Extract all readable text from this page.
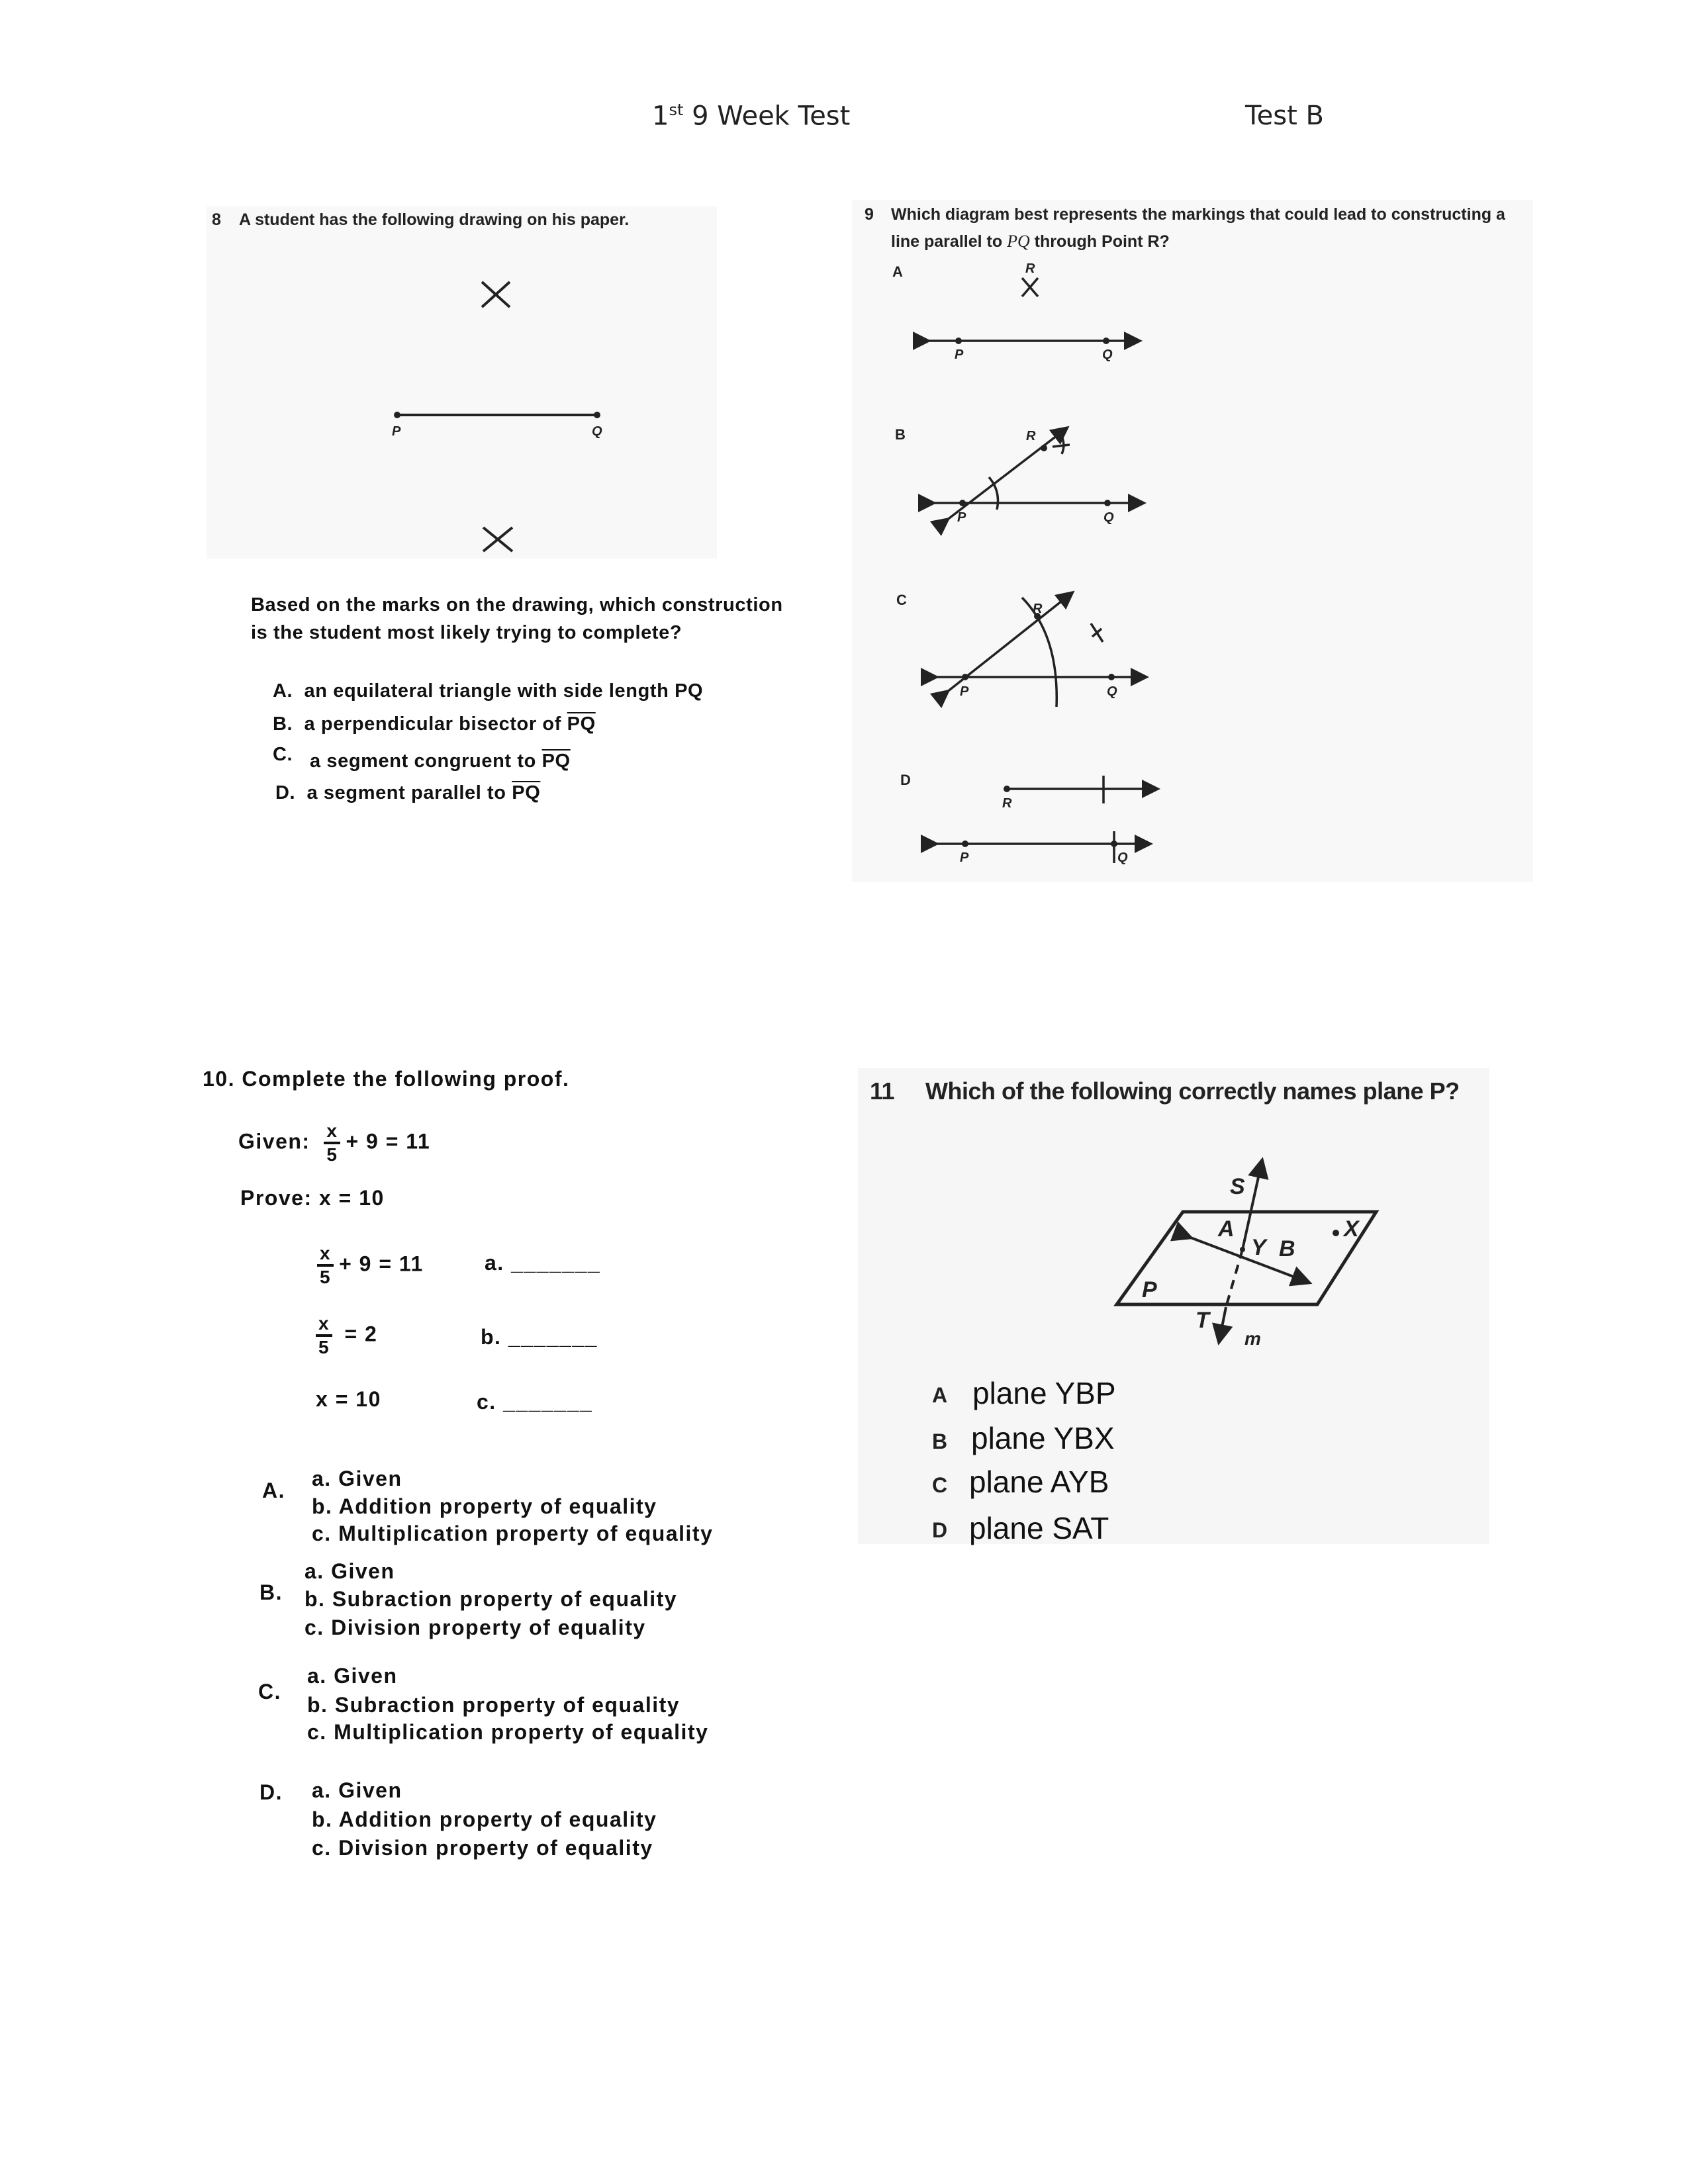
1st 9 Week Test	Test B
8 A student has the following drawing on his paper.
P	Q
Based on the marks on the drawing, which construction
is the student most likely trying to complete?
A. an equilateral triangle with side length PQ
B. a perpendicular bisector of $\overline{PQ}$
C. a segment congruent to $\overline{PQ}$
D. a segment parallel to $\overline{PQ}$
9 Which diagram best represents the markings that could lead to constructing a
line parallel to PQ through Point R?
A
B
C
D
R
P	Q
R
P	Q
R
P	Q
R
P	Q
10. Complete the following proof.
Given: $\frac{x}{5} + 9 = 11$
Prove: x = 10
$\frac{x}{5} + 9 = 11$	a. _______
$\frac{x}{5} = 2$	b. _______
x = 10	c. _______
A. a. Given
b. Addition property of equality
c. Multiplication property of equality
B.
a. Given
b. Subraction property of equality
c. Division property of equality
C.
a. Given
b. Subraction property of equality
c. Multiplication property of equality
D. a. Given
b. Addition property of equality
c. Division property of equality
11 Which of the following correctly names plane P?
S
A
Y B
X
P
T
m
A plane YBP
B plane YBX
C plane AYB
D plane SAT
